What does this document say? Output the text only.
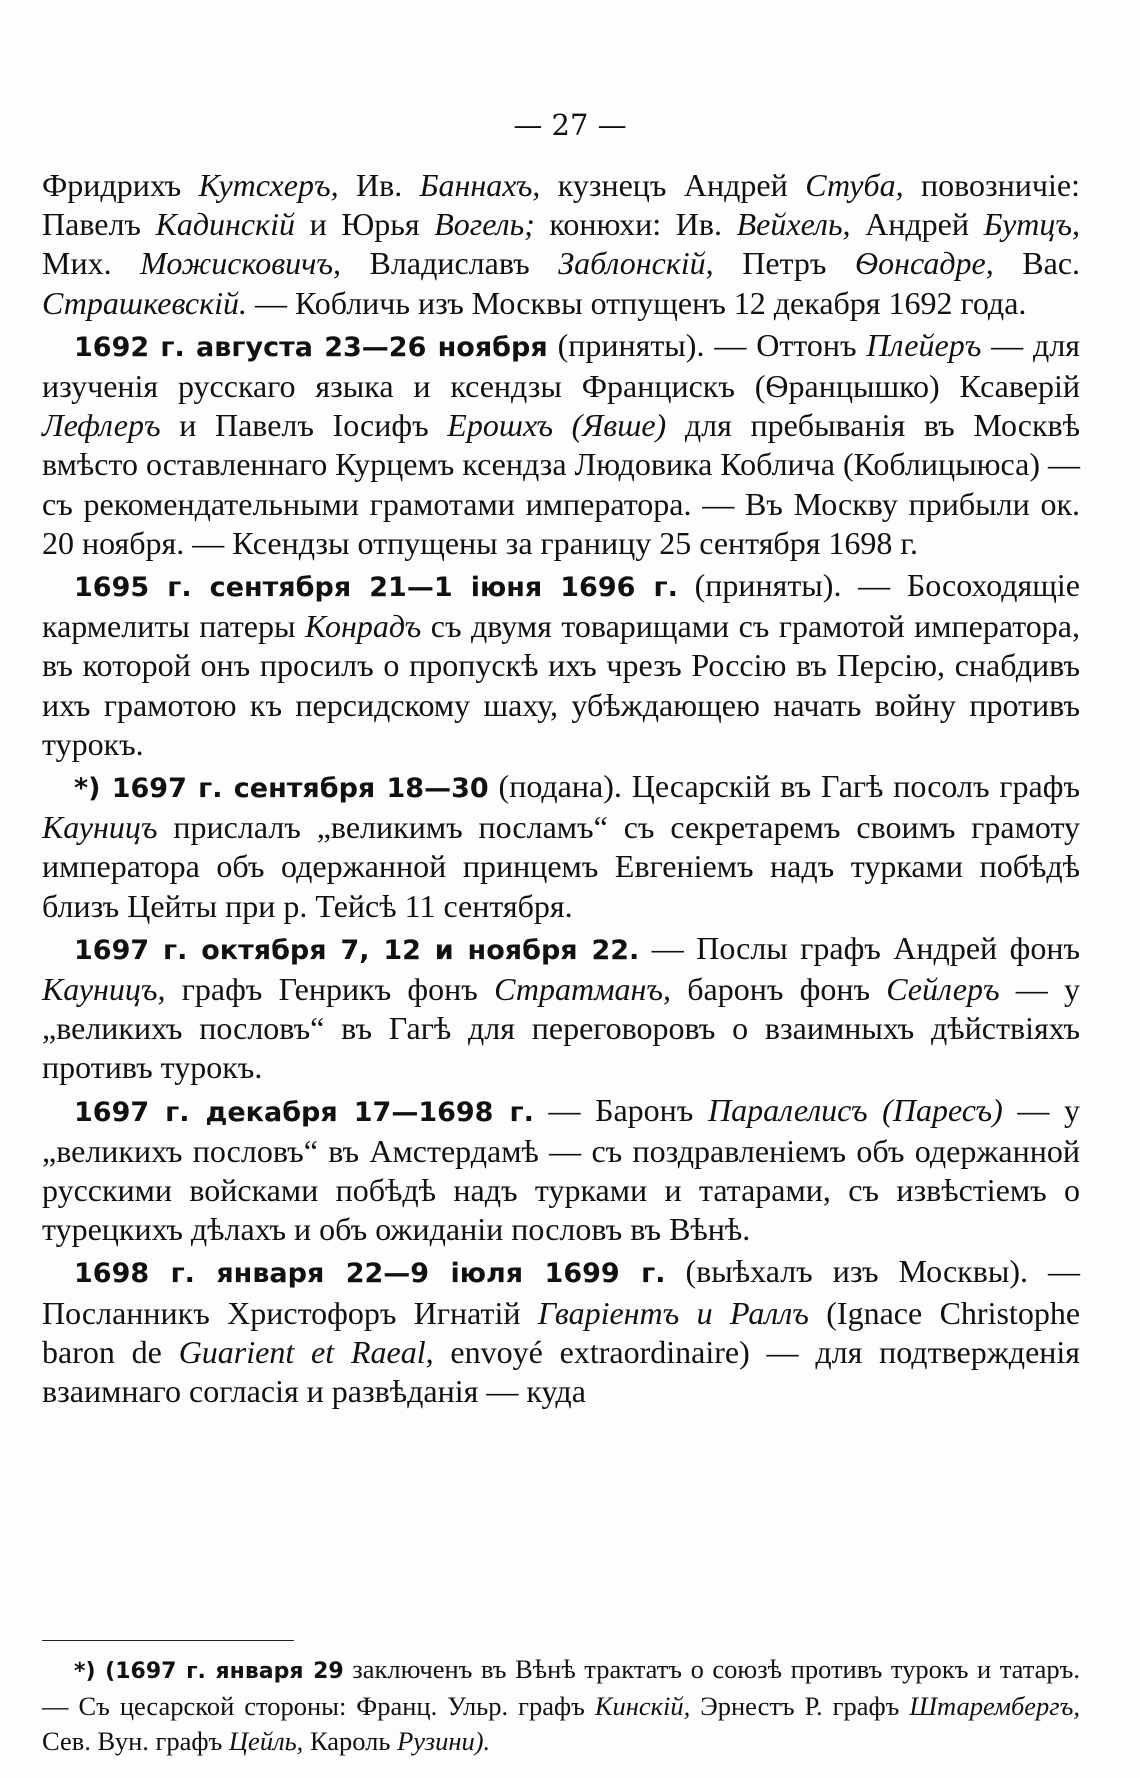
— 27 —

Фридрихъ Кутсхеръ, Ив. Баннахъ, кузнецъ Андрей Стуба, повозничіе: Павелъ Кадинскій и Юрья Вогель; конюхи: Ив. Вейхель, Андрей Бутцъ, Мих. Можисковичъ, Владиславъ Заблонскій, Петръ Ѳонсадре, Вас. Страшкевскій. — Кобличь изъ Москвы отпущенъ 12 декабря 1692 года.

1692 г. августа 23—26 ноября (приняты). — Оттонъ Плейеръ — для изученія русскаго языка и ксендзы Францискъ (Ѳранцышко) Ксаверій Лефлеръ и Павелъ Іосифъ Ерошхъ (Явше) для пребыванія въ Москвѣ вмѣсто оставленнаго Курцемъ ксендза Людовика Коблича (Коблицыюса) — съ рекомендательными грамотами императора. — Въ Москву прибыли ок. 20 ноября. — Ксендзы отпущены за границу 25 сентября 1698 г.

1695 г. сентября 21—1 іюня 1696 г. (приняты). — Босоходящіе кармелиты патеры Конрадъ съ двумя товарищами съ грамотой императора, въ которой онъ просилъ о пропускѣ ихъ чрезъ Россію въ Персію, снабдивъ ихъ грамотою къ персидскому шаху, убѣждающею начать войну противъ турокъ.

*) 1697 г. сентября 18—30 (подана). Цесарскій въ Гагѣ посолъ графъ Кауницъ прислалъ „великимъ посламъ“ съ секретаремъ своимъ грамоту императора объ одержанной принцемъ Евгеніемъ надъ турками побѣдѣ близъ Цейты при р. Тейсѣ 11 сентября.

1697 г. октября 7, 12 и ноября 22. — Послы графъ Андрей фонъ Кауницъ, графъ Генрикъ фонъ Стратманъ, баронъ фонъ Сейлеръ — у „великихъ пословъ“ въ Гагѣ для переговоровъ о взаимныхъ дѣйствіяхъ противъ турокъ.

1697 г. декабря 17—1698 г. — Баронъ Паралелисъ (Паресъ) — у „великихъ пословъ“ въ Амстердамѣ — съ поздравленіемъ объ одержанной русскими войсками побѣдѣ надъ турками и татарами, съ извѣстіемъ о турецкихъ дѣлахъ и объ ожиданіи пословъ въ Вѣнѣ.

1698 г. января 22—9 іюля 1699 г. (выѣхалъ изъ Москвы). — Посланникъ Христофоръ Игнатій Гваріентъ и Раллъ (Ignace Christophe baron de Guarient et Raeal, envoyé extraordinaire) — для подтвержденія взаимнаго согласія и развѣданія — куда

*) (1697 г. января 29 заключенъ въ Вѣнѣ трактатъ о союзѣ противъ турокъ и татаръ. — Съ цесарской стороны: Франц. Ульр. графъ Кинскій, Эрнестъ Р. графъ Штарембергъ, Сев. Вун. графъ Цейль, Кароль Рузини).
